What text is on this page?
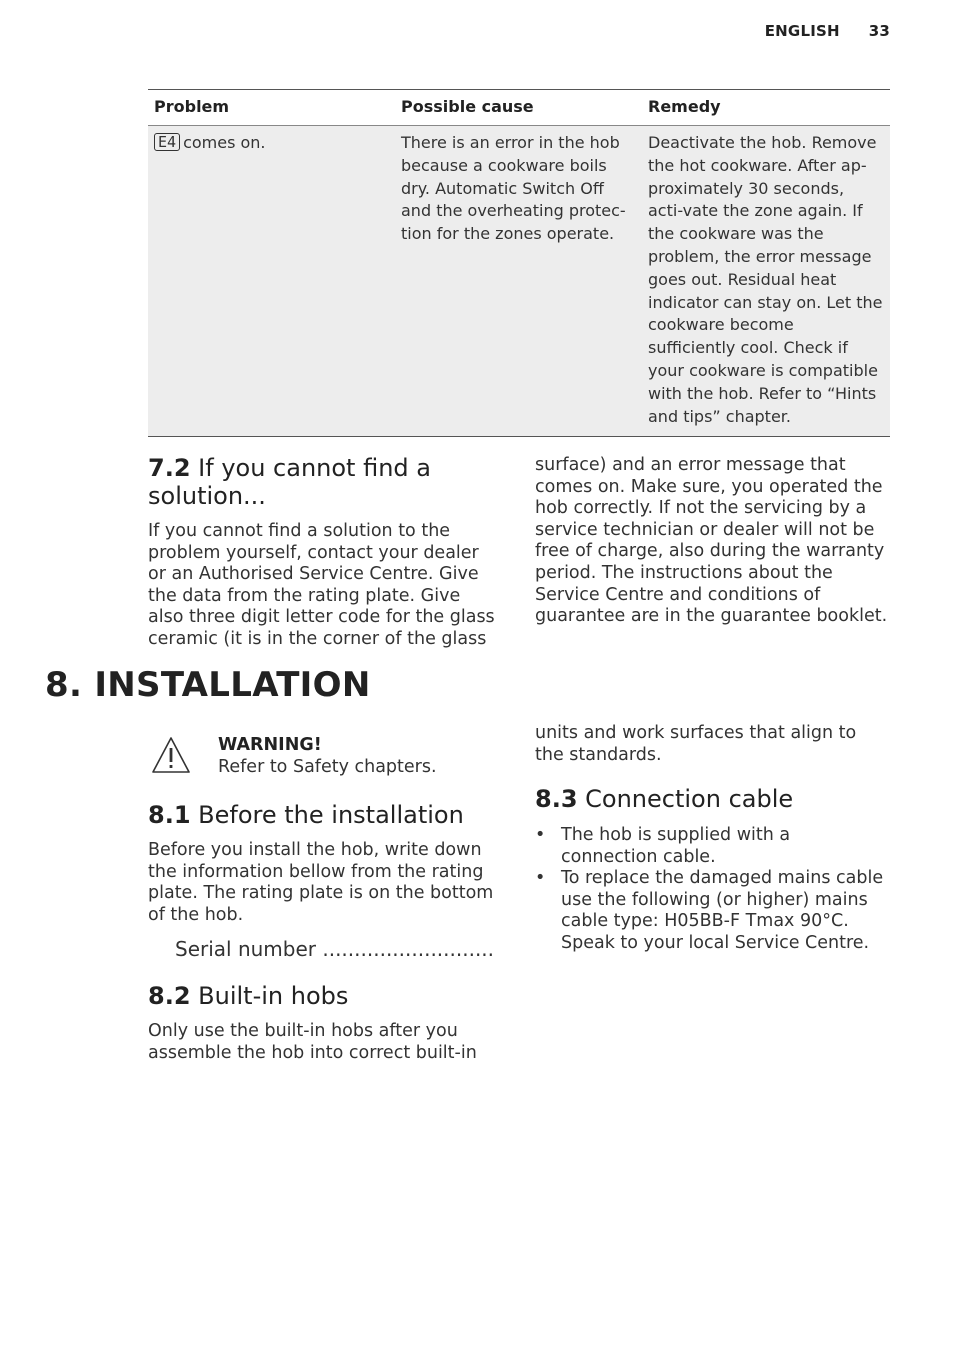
ENGLISH 33
Problem	Possible cause	Remedy
E4 comes on.	There is an error in the hob because a cookware boils dry. Automatic Switch Off and the overheating protec-tion for the zones operate.	Deactivate the hob. Remove the hot cookware. After ap-proximately 30 seconds, acti-vate the zone again. If the cookware was the problem, the error message goes out. Residual heat indicator can stay on. Let the cookware become sufficiently cool. Check if your cookware is compatible with the hob. Refer to “Hints and tips” chapter.
7.2 If you cannot find a solution...

If you cannot find a solution to the problem yourself, contact your dealer or an Authorised Service Centre. Give the data from the rating plate. Give also three digit letter code for the glass ceramic (it is in the corner of the glass

surface) and an error message that comes on. Make sure, you operated the hob correctly. If not the servicing by a service technician or dealer will not be free of charge, also during the warranty period. The instructions about the Service Centre and conditions of guarantee are in the guarantee booklet.

8. INSTALLATION
WARNING!
Refer to Safety chapters.
8.1 Before the installation

Before you install the hob, write down the information bellow from the rating plate. The rating plate is on the bottom of the hob.

Serial number ...........................
8.2 Built-in hobs

Only use the built-in hobs after you assemble the hob into correct built-in

units and work surfaces that align to the standards.

8.3 Connection cable
• The hob is supplied with a connection cable.
• To replace the damaged mains cable use the following (or higher) mains cable type: H05BB-F Tmax 90°C. Speak to your local Service Centre.
